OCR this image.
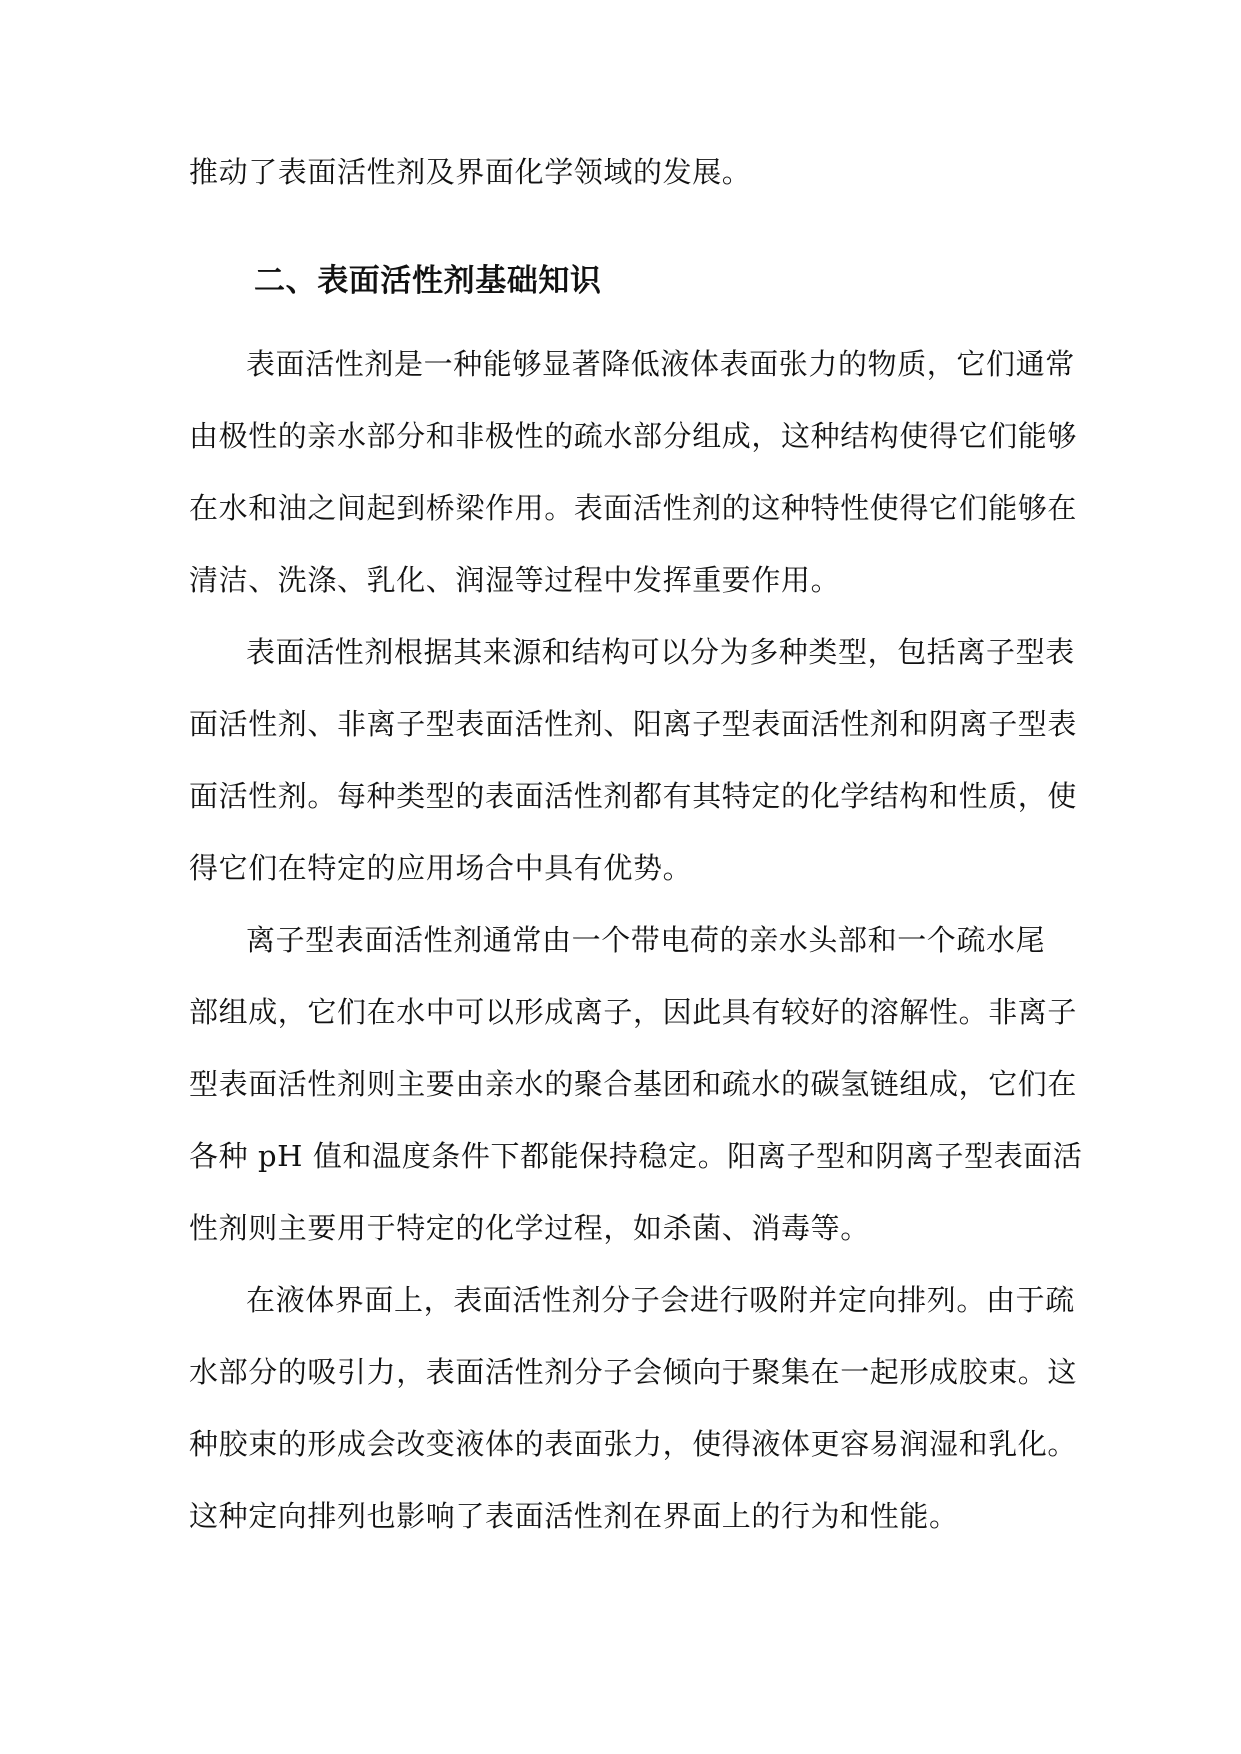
推动了表面活性剂及界面化学领域的发展。
二、表面活性剂基础知识
表面活性剂是一种能够显著降低液体表面张力的物质，它们通常
由极性的亲水部分和非极性的疏水部分组成，这种结构使得它们能够
在水和油之间起到桥梁作用。表面活性剂的这种特性使得它们能够在
清洁、洗涤、乳化、润湿等过程中发挥重要作用。
表面活性剂根据其来源和结构可以分为多种类型，包括离子型表
面活性剂、非离子型表面活性剂、阳离子型表面活性剂和阴离子型表
面活性剂。每种类型的表面活性剂都有其特定的化学结构和性质，使
得它们在特定的应用场合中具有优势。
离子型表面活性剂通常由一个带电荷的亲水头部和一个疏水尾
部组成，它们在水中可以形成离子，因此具有较好的溶解性。非离子
型表面活性剂则主要由亲水的聚合基团和疏水的碳氢链组成，它们在
各种 pH 值和温度条件下都能保持稳定。阳离子型和阴离子型表面活
性剂则主要用于特定的化学过程，如杀菌、消毒等。
在液体界面上，表面活性剂分子会进行吸附并定向排列。由于疏
水部分的吸引力，表面活性剂分子会倾向于聚集在一起形成胶束。这
种胶束的形成会改变液体的表面张力，使得液体更容易润湿和乳化。
这种定向排列也影响了表面活性剂在界面上的行为和性能。
